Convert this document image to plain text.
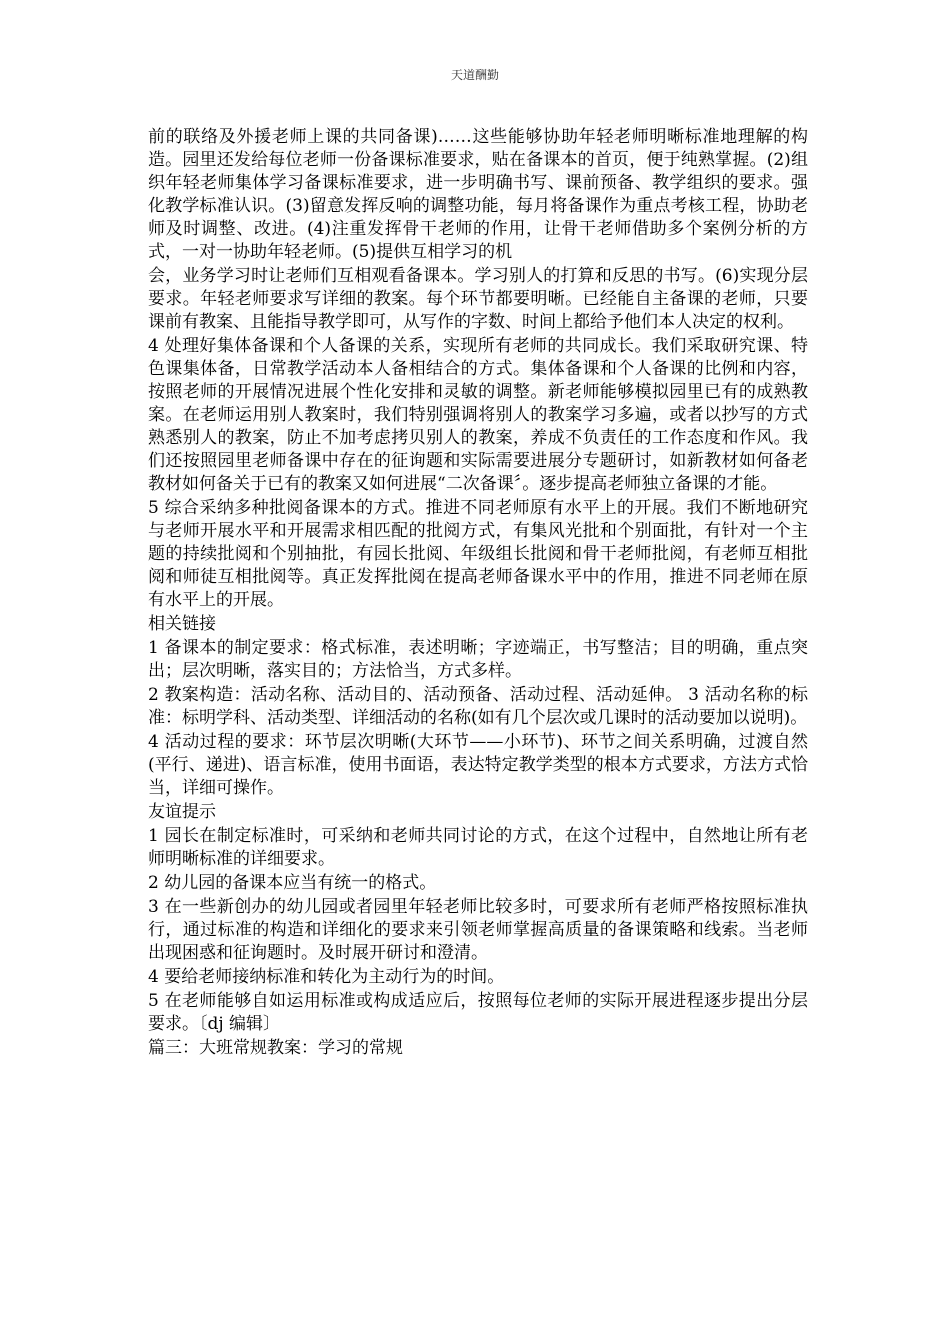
天道酬勤

前的联络及外援老师上课的共同备课)……这些能够协助年轻老师明晰标准地理解的构造。园里还发给每位老师一份备课标准要求，贴在备课本的首页，便于纯熟掌握。(2)组织年轻老师集体学习备课标准要求，进一步明确书写、课前预备、教学组织的要求。强化教学标准认识。(3)留意发挥反响的调整功能，每月将备课作为重点考核工程，协助老师及时调整、改进。(4)注重发挥骨干老师的作用，让骨干老师借助多个案例分析的方式，一对一协助年轻老师。(5)提供互相学习的机

会，业务学习时让老师们互相观看备课本。学习别人的打算和反思的书写。(6)实现分层要求。年轻老师要求写详细的教案。每个环节都要明晰。已经能自主备课的老师，只要课前有教案、且能指导教学即可，从写作的字数、时间上都给予他们本人决定的权利。

4 处理好集体备课和个人备课的关系，实现所有老师的共同成长。我们采取研究课、特色课集体备，日常教学活动本人备相结合的方式。集体备课和个人备课的比例和内容，按照老师的开展情况进展个性化安排和灵敏的调整。新老师能够模拟园里已有的成熟教案。在老师运用别人教案时，我们特别强调将别人的教案学习多遍，或者以抄写的方式熟悉别人的教案，防止不加考虑拷贝别人的教案，养成不负责任的工作态度和作风。我们还按照园里老师备课中存在的征询题和实际需要进展分专题研讨，如新教材如何备老教材如何备关于已有的教案又如何进展“二次备课〞。逐步提高老师独立备课的才能。

5 综合采纳多种批阅备课本的方式。推进不同老师原有水平上的开展。我们不断地研究与老师开展水平和开展需求相匹配的批阅方式，有集风光批和个别面批，有针对一个主题的持续批阅和个别抽批，有园长批阅、年级组长批阅和骨干老师批阅，有老师互相批阅和师徒互相批阅等。真正发挥批阅在提高老师备课水平中的作用，推进不同老师在原有水平上的开展。

相关链接

1 备课本的制定要求：格式标准，表述明晰；字迹端正，书写整洁；目的明确，重点突出；层次明晰，落实目的；方法恰当，方式多样。

2 教案构造：活动名称、活动目的、活动预备、活动过程、活动延伸。 3 活动名称的标准：标明学科、活动类型、详细活动的名称(如有几个层次或几课时的活动要加以说明)。

4 活动过程的要求：环节层次明晰(大环节——小环节)、环节之间关系明确，过渡自然(平行、递进)、语言标准，使用书面语，表达特定教学类型的根本方式要求，方法方式恰当，详细可操作。

友谊提示

1 园长在制定标准时，可采纳和老师共同讨论的方式，在这个过程中，自然地让所有老师明晰标准的详细要求。

2 幼儿园的备课本应当有统一的格式。

3 在一些新创办的幼儿园或者园里年轻老师比较多时，可要求所有老师严格按照标准执行，通过标准的构造和详细化的要求来引领老师掌握高质量的备课策略和线索。当老师出现困惑和征询题时。及时展开研讨和澄清。

4 要给老师接纳标准和转化为主动行为的时间。

5 在老师能够自如运用标准或构成适应后，按照每位老师的实际开展进程逐步提出分层要求。〔dj 编辑〕

篇三：大班常规教案：学习的常规
